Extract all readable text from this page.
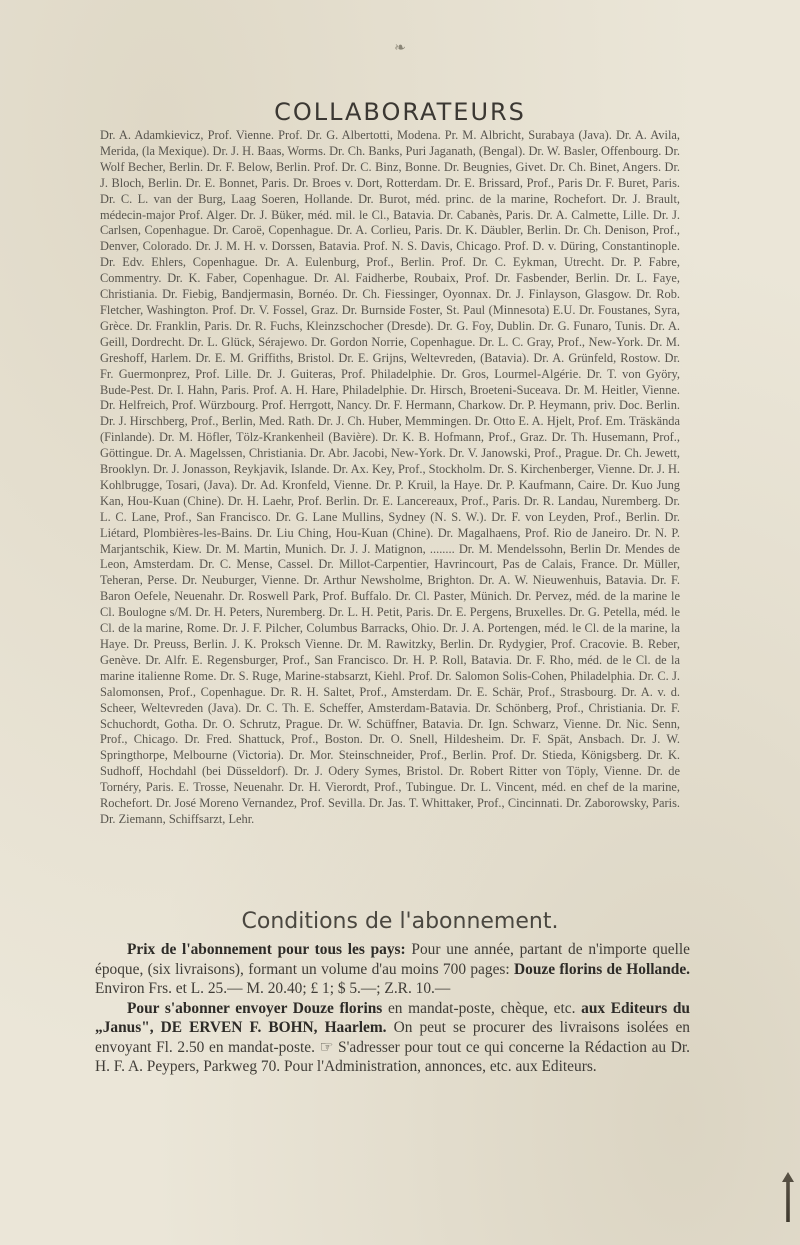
❧
COLLABORATEURS

Dr. A. Adamkievicz, Prof. Vienne. Prof. Dr. G. Albertotti, Modena. Pr. M. Albricht, Surabaya (Java). Dr. A. Avila, Merida, (la Mexique). Dr. J. H. Baas, Worms. Dr. Ch. Banks, Puri Jaganath, (Bengal). Dr. W. Basler, Offenbourg. Dr. Wolf Becher, Berlin. Dr. F. Below, Berlin. Prof. Dr. C. Binz, Bonne. Dr. Beugnies, Givet. Dr. Ch. Binet, Angers. Dr. J. Bloch, Berlin. Dr. E. Bonnet, Paris. Dr. Broes v. Dort, Rotterdam. Dr. E. Brissard, Prof., Paris Dr. F. Buret, Paris. Dr. C. L. van der Burg, Laag Soeren, Hollande. Dr. Burot, méd. princ. de la marine, Rochefort. Dr. J. Brault, médecin-major Prof. Alger. Dr. J. Büker, méd. mil. le Cl., Batavia. Dr. Cabanès, Paris. Dr. A. Calmette, Lille. Dr. J. Carlsen, Copenhague. Dr. Caroë, Copenhague. Dr. A. Corlieu, Paris. Dr. K. Däubler, Berlin. Dr. Ch. Denison, Prof., Denver, Colorado. Dr. J. M. H. v. Dorssen, Batavia. Prof. N. S. Davis, Chicago. Prof. D. v. Düring, Constantinople. Dr. Edv. Ehlers, Copenhague. Dr. A. Eulenburg, Prof., Berlin. Prof. Dr. C. Eykman, Utrecht. Dr. P. Fabre, Commentry. Dr. K. Faber, Copenhague. Dr. Al. Faidherbe, Roubaix, Prof. Dr. Fasbender, Berlin. Dr. L. Faye, Christiania. Dr. Fiebig, Bandjermasin, Bornéo. Dr. Ch. Fiessinger, Oyonnax. Dr. J. Finlayson, Glasgow. Dr. Rob. Fletcher, Washington. Prof. Dr. V. Fossel, Graz. Dr. Burnside Foster, St. Paul (Minnesota) E.U. Dr. Foustanes, Syra, Grèce. Dr. Franklin, Paris. Dr. R. Fuchs, Kleinzschocher (Dresde). Dr. G. Foy, Dublin. Dr. G. Funaro, Tunis. Dr. A. Geill, Dordrecht. Dr. L. Glück, Sérajewo. Dr. Gordon Norrie, Copenhague. Dr. L. C. Gray, Prof., New-York. Dr. M. Greshoff, Harlem. Dr. E. M. Griffiths, Bristol. Dr. E. Grijns, Weltevreden, (Batavia). Dr. A. Grünfeld, Rostow. Dr. Fr. Guermonprez, Prof. Lille. Dr. J. Guiteras, Prof. Philadelphie. Dr. Gros, Lourmel-Algérie. Dr. T. von Györy, Bude-Pest. Dr. I. Hahn, Paris. Prof. A. H. Hare, Philadelphie. Dr. Hirsch, Broeteni-Suceava. Dr. M. Heitler, Vienne. Dr. Helfreich, Prof. Würzbourg. Prof. Herrgott, Nancy. Dr. F. Hermann, Charkow. Dr. P. Heymann, priv. Doc. Berlin. Dr. J. Hirschberg, Prof., Berlin, Med. Rath. Dr. J. Ch. Huber, Memmingen. Dr. Otto E. A. Hjelt, Prof. Em. Träskända (Finlande). Dr. M. Höfler, Tölz-Krankenheil (Bavière). Dr. K. B. Hofmann, Prof., Graz. Dr. Th. Husemann, Prof., Göttingue. Dr. A. Magelssen, Christiania. Dr. Abr. Jacobi, New-York. Dr. V. Janowski, Prof., Prague. Dr. Ch. Jewett, Brooklyn. Dr. J. Jonasson, Reykjavik, Islande. Dr. Ax. Key, Prof., Stockholm. Dr. S. Kirchenberger, Vienne. Dr. J. H. Kohlbrugge, Tosari, (Java). Dr. Ad. Kronfeld, Vienne. Dr. P. Kruil, la Haye. Dr. P. Kaufmann, Caire. Dr. Kuo Jung Kan, Hou-Kuan (Chine). Dr. H. Laehr, Prof. Berlin. Dr. E. Lancereaux, Prof., Paris. Dr. R. Landau, Nuremberg. Dr. L. C. Lane, Prof., San Francisco. Dr. G. Lane Mullins, Sydney (N. S. W.). Dr. F. von Leyden, Prof., Berlin. Dr. Liétard, Plombières-les-Bains. Dr. Liu Ching, Hou-Kuan (Chine). Dr. Magalhaens, Prof. Rio de Janeiro. Dr. N. P. Marjantschik, Kiew. Dr. M. Martin, Munich. Dr. J. J. Matignon, ........ Dr. M. Mendelssohn, Berlin Dr. Mendes de Leon, Amsterdam. Dr. C. Mense, Cassel. Dr. Millot-Carpentier, Havrincourt, Pas de Calais, France. Dr. Müller, Teheran, Perse. Dr. Neuburger, Vienne. Dr. Arthur Newsholme, Brighton. Dr. A. W. Nieuwenhuis, Batavia. Dr. F. Baron Oefele, Neuenahr. Dr. Roswell Park, Prof. Buffalo. Dr. Cl. Paster, Münich. Dr. Pervez, méd. de la marine le Cl. Boulogne s/M. Dr. H. Peters, Nuremberg. Dr. L. H. Petit, Paris. Dr. E. Pergens, Bruxelles. Dr. G. Petella, méd. le Cl. de la marine, Rome. Dr. J. F. Pilcher, Columbus Barracks, Ohio. Dr. J. A. Portengen, méd. le Cl. de la marine, la Haye. Dr. Preuss, Berlin. J. K. Proksch Vienne. Dr. M. Rawitzky, Berlin. Dr. Rydygier, Prof. Cracovie. B. Reber, Genève. Dr. Alfr. E. Regensburger, Prof., San Francisco. Dr. H. P. Roll, Batavia. Dr. F. Rho, méd. de le Cl. de la marine italienne Rome. Dr. S. Ruge, Marine-stabsarzt, Kiehl. Prof. Dr. Salomon Solis-Cohen, Philadelphia. Dr. C. J. Salomonsen, Prof., Copenhague. Dr. R. H. Saltet, Prof., Amsterdam. Dr. E. Schär, Prof., Strasbourg. Dr. A. v. d. Scheer, Weltevreden (Java). Dr. C. Th. E. Scheffer, Amsterdam-Batavia. Dr. Schönberg, Prof., Christiania. Dr. F. Schuchordt, Gotha. Dr. O. Schrutz, Prague. Dr. W. Schüffner, Batavia. Dr. Ign. Schwarz, Vienne. Dr. Nic. Senn, Prof., Chicago. Dr. Fred. Shattuck, Prof., Boston. Dr. O. Snell, Hildesheim. Dr. F. Spät, Ansbach. Dr. J. W. Springthorpe, Melbourne (Victoria). Dr. Mor. Steinschneider, Prof., Berlin. Prof. Dr. Stieda, Königsberg. Dr. K. Sudhoff, Hochdahl (bei Düsseldorf). Dr. J. Odery Symes, Bristol. Dr. Robert Ritter von Töply, Vienne. Dr. de Tornéry, Paris. E. Trosse, Neuenahr. Dr. H. Vierordt, Prof., Tubingue. Dr. L. Vincent, méd. en chef de la marine, Rochefort. Dr. José Moreno Vernandez, Prof. Sevilla. Dr. Jas. T. Whittaker, Prof., Cincinnati. Dr. Zaborowsky, Paris. Dr. Ziemann, Schiffsarzt, Lehr.

Conditions de l'abonnement.

Prix de l'abonnement pour tous les pays: Pour une année, partant de n'importe quelle époque, (six livraisons), formant un volume d'au moins 700 pages: Douze florins de Hollande. Environ Frs. et L. 25.— M. 20.40; £ 1; $ 5.—; Z.R. 10.—

Pour s'abonner envoyer Douze florins en mandat-poste, chèque, etc. aux Editeurs du „Janus", DE ERVEN F. BOHN, Haarlem. On peut se procurer des livraisons isolées en envoyant Fl. 2.50 en mandat-poste. ☞ S'adresser pour tout ce qui concerne la Rédaction au Dr. H. F. A. Peypers, Parkweg 70. Pour l'Administration, annonces, etc. aux Editeurs.
